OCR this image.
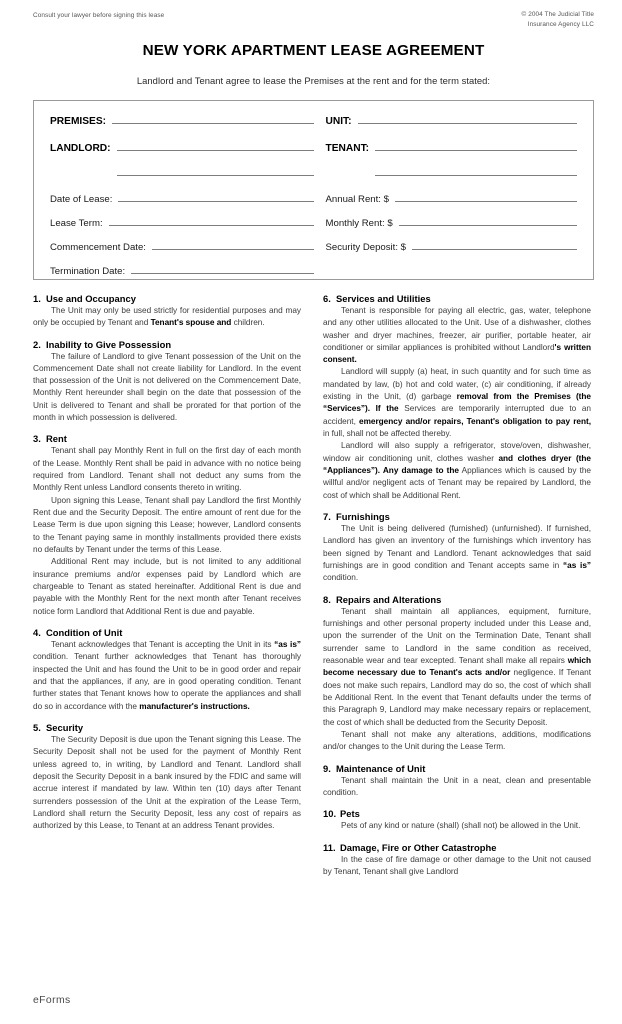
Consult your lawyer before signing this lease	© 2004 The Judicial Title
Insurance Agency LLC
NEW YORK APARTMENT LEASE AGREEMENT
Landlord and Tenant agree to lease the Premises at the rent and for the term stated:
PREMISES:	UNIT:
LANDLORD:	TENANT:
Date of Lease:	Annual Rent: $
Lease Term:	Monthly Rent: $
Commencement Date:	Security Deposit: $
Termination Date:
1. Use and Occupancy

The Unit may only be used strictly for residential purposes and may only be occupied by Tenant and Tenant's spouse and children.

2. Inability to Give Possession

The failure of Landlord to give Tenant possession of the Unit on the Commencement Date shall not create liability for Landlord. In the event that possession of the Unit is not delivered on the Commencement Date, Monthly Rent hereunder shall begin on the date that possession of the Unit is delivered to Tenant and shall be prorated for that portion of the month in which possession is delivered.

3. Rent

Tenant shall pay Monthly Rent in full on the first day of each month of the Lease. Monthly Rent shall be paid in advance with no notice being required from Landlord. Tenant shall not deduct any sums from the Monthly Rent unless Landlord consents thereto in writing.

Upon signing this Lease, Tenant shall pay Landlord the first Monthly Rent due and the Security Deposit. The entire amount of rent due for the Lease Term is due upon signing this Lease; however, Landlord consents to the Tenant paying same in monthly installments provided there exists no defaults by Tenant under the terms of this Lease.

Additional Rent may include, but is not limited to any additional insurance premiums and/or expenses paid by Landlord which are chargeable to Tenant as stated hereinafter. Additional Rent is due and payable with the Monthly Rent for the next month after Tenant receives notice form Landlord that Additional Rent is due and payable.

4. Condition of Unit

Tenant acknowledges that Tenant is accepting the Unit in its “as is” condition. Tenant further acknowledges that Tenant has thoroughly inspected the Unit and has found the Unit to be in good order and repair and that the appliances, if any, are in good operating condition. Tenant further states that Tenant knows how to operate the appliances and shall do so in accordance with the manufacturer's instructions.

5. Security

The Security Deposit is due upon the Tenant signing this Lease. The Security Deposit shall not be used for the payment of Monthly Rent unless agreed to, in writing, by Landlord and Tenant. Landlord shall deposit the Security Deposit in a bank insured by the FDIC and same will accrue interest if mandated by law. Within ten (10) days after Tenant surrenders possession of the Unit at the expiration of the Lease Term, Landlord shall return the Security Deposit, less any cost of repairs as authorized by this Lease, to Tenant at an address Tenant provides.

6. Services and Utilities

Tenant is responsible for paying all electric, gas, water, telephone and any other utilities allocated to the Unit. Use of a dishwasher, clothes washer and dryer machines, freezer, air purifier, portable heater, air conditioner or similar appliances is prohibited without Landlord's written consent.

Landlord will supply (a) heat, in such quantity and for such time as mandated by law, (b) hot and cold water, (c) air conditioning, if already existing in the Unit, (d) garbage removal from the Premises (the “Services”). If the Services are temporarily interrupted due to an accident, emergency and/or repairs, Tenant's obligation to pay rent, in full, shall not be affected thereby.

Landlord will also supply a refrigerator, stove/oven, dishwasher, window air conditioning unit, clothes washer and clothes dryer (the “Appliances”). Any damage to the Appliances which is caused by the willful and/or negligent acts of Tenant may be repaired by Landlord, the cost of which shall be Additional Rent.

7. Furnishings

The Unit is being delivered (furnished) (unfurnished). If furnished, Landlord has given an inventory of the furnishings which inventory has been signed by Tenant and Landlord. Tenant acknowledges that said furnishings are in good condition and Tenant accepts same in “as is” condition.

8. Repairs and Alterations

Tenant shall maintain all appliances, equipment, furniture, furnishings and other personal property included under this Lease and, upon the surrender of the Unit on the Termination Date, Tenant shall surrender same to Landlord in the same condition as received, reasonable wear and tear excepted. Tenant shall make all repairs which become necessary due to Tenant's acts and/or negligence. If Tenant does not make such repairs, Landlord may do so, the cost of which shall be Additional Rent. In the event that Tenant defaults under the terms of this Paragraph 9, Landlord may make necessary repairs or replacement, the cost of which shall be deducted from the Security Deposit.

Tenant shall not make any alterations, additions, modifications and/or changes to the Unit during the Lease Term.

9. Maintenance of Unit

Tenant shall maintain the Unit in a neat, clean and presentable condition.

10. Pets

Pets of any kind or nature (shall) (shall not) be allowed in the Unit.

11. Damage, Fire or Other Catastrophe

In the case of fire damage or other damage to the Unit not caused by Tenant, Tenant shall give Landlord

eForms
